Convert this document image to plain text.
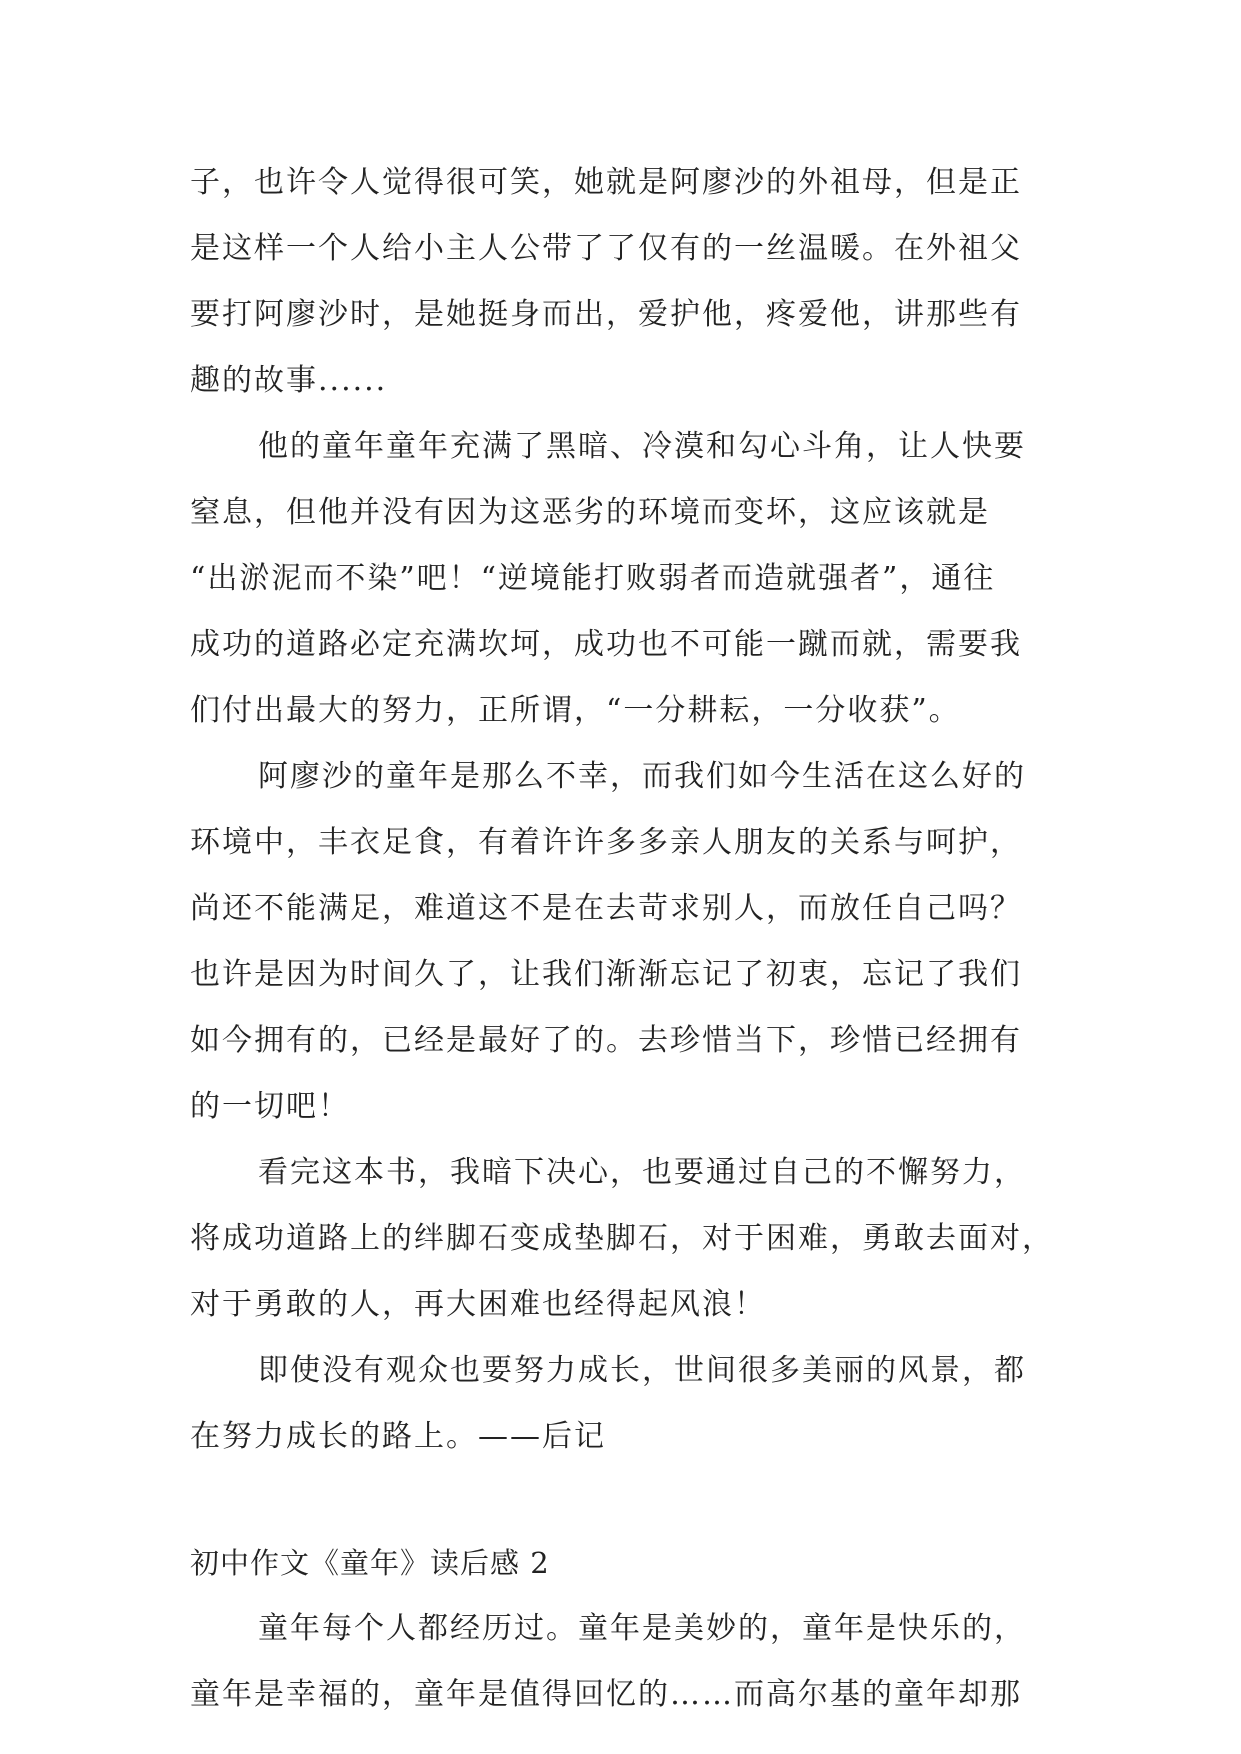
子，也许令人觉得很可笑，她就是阿廖沙的外祖母，但是正
是这样一个人给小主人公带了了仅有的一丝温暖。在外祖父
要打阿廖沙时，是她挺身而出，爱护他，疼爱他，讲那些有
趣的故事......
他的童年童年充满了黑暗、冷漠和勾心斗角，让人快要
窒息，但他并没有因为这恶劣的环境而变坏，这应该就是
“出淤泥而不染”吧！“逆境能打败弱者而造就强者”，通往
成功的道路必定充满坎坷，成功也不可能一蹴而就，需要我
们付出最大的努力，正所谓，“一分耕耘，一分收获”。
阿廖沙的童年是那么不幸，而我们如今生活在这么好的
环境中，丰衣足食，有着许许多多亲人朋友的关系与呵护，
尚还不能满足，难道这不是在去苛求别人，而放任自己吗？
也许是因为时间久了，让我们渐渐忘记了初衷，忘记了我们
如今拥有的，已经是最好了的。去珍惜当下，珍惜已经拥有
的一切吧！
看完这本书，我暗下决心，也要通过自己的不懈努力，
将成功道路上的绊脚石变成垫脚石，对于困难，勇敢去面对，
对于勇敢的人，再大困难也经得起风浪！
即使没有观众也要努力成长，世间很多美丽的风景，都
在努力成长的路上。——后记
初中作文《童年》读后感 2
童年每个人都经历过。童年是美妙的，童年是快乐的，
童年是幸福的，童年是值得回忆的……而高尔基的童年却那
